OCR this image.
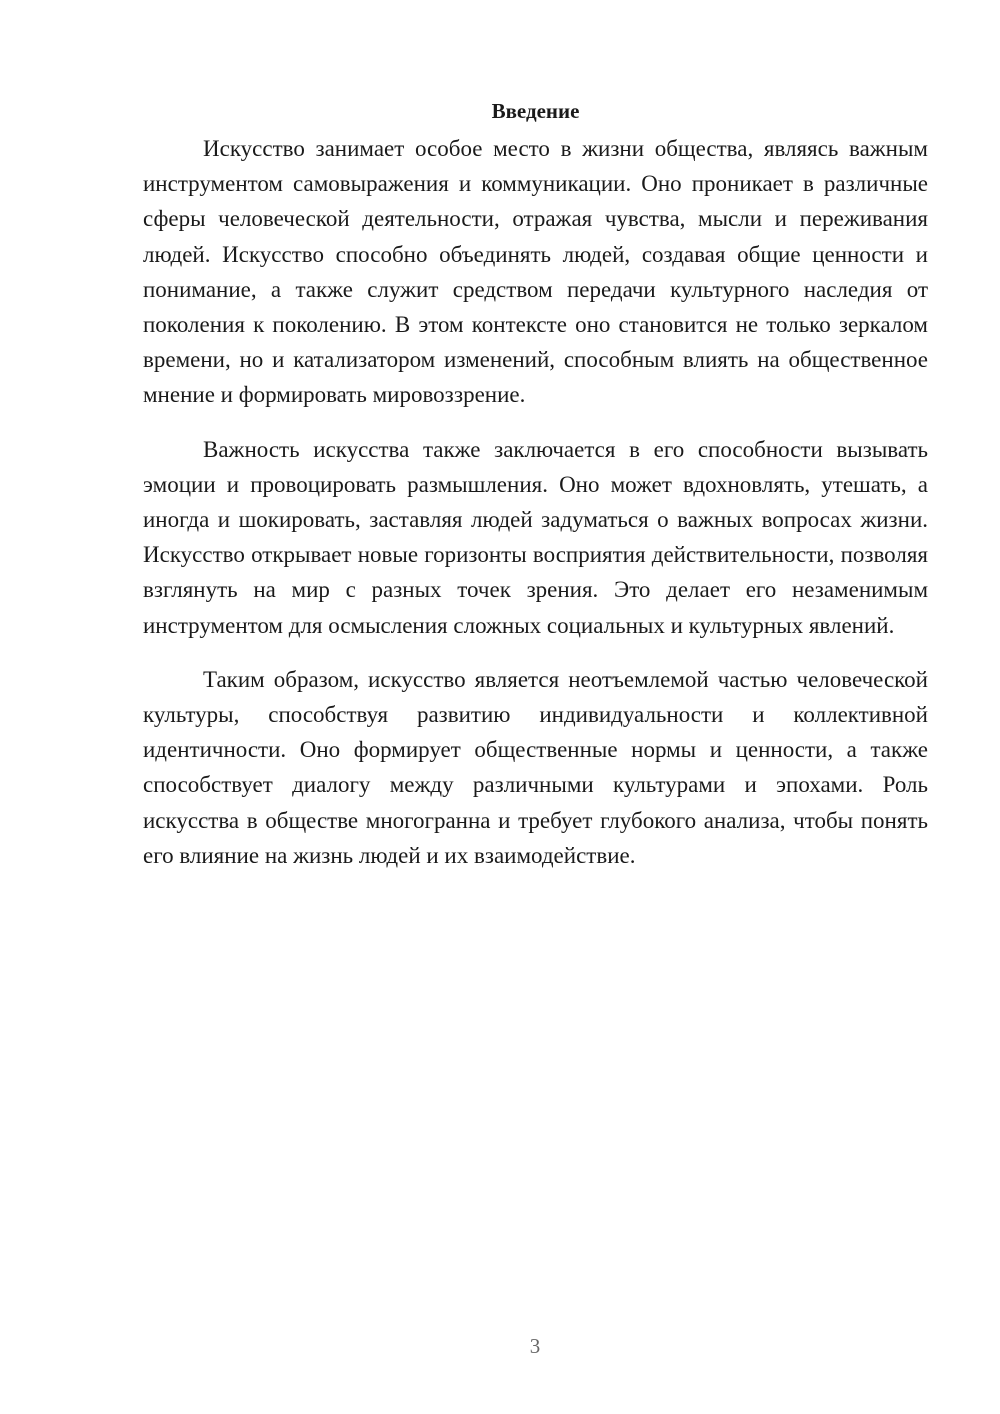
Введение

Искусство занимает особое место в жизни общества, являясь важным инструментом самовыражения и коммуникации. Оно проникает в различные сферы человеческой деятельности, отражая чувства, мысли и переживания людей. Искусство способно объединять людей, создавая общие ценности и понимание, а также служит средством передачи культурного наследия от поколения к поколению. В этом контексте оно становится не только зеркалом времени, но и катализатором изменений, способным влиять на общественное мнение и формировать мировоззрение.

Важность искусства также заключается в его способности вызывать эмоции и провоцировать размышления. Оно может вдохновлять, утешать, а иногда и шокировать, заставляя людей задуматься о важных вопросах жизни. Искусство открывает новые горизонты восприятия действительности, позволяя взглянуть на мир с разных точек зрения. Это делает его незаменимым инструментом для осмысления сложных социальных и культурных явлений.

Таким образом, искусство является неотъемлемой частью человеческой культуры, способствуя развитию индивидуальности и коллективной идентичности. Оно формирует общественные нормы и ценности, а также способствует диалогу между различными культурами и эпохами. Роль искусства в обществе многогранна и требует глубокого анализа, чтобы понять его влияние на жизнь людей и их взаимодействие.

3
